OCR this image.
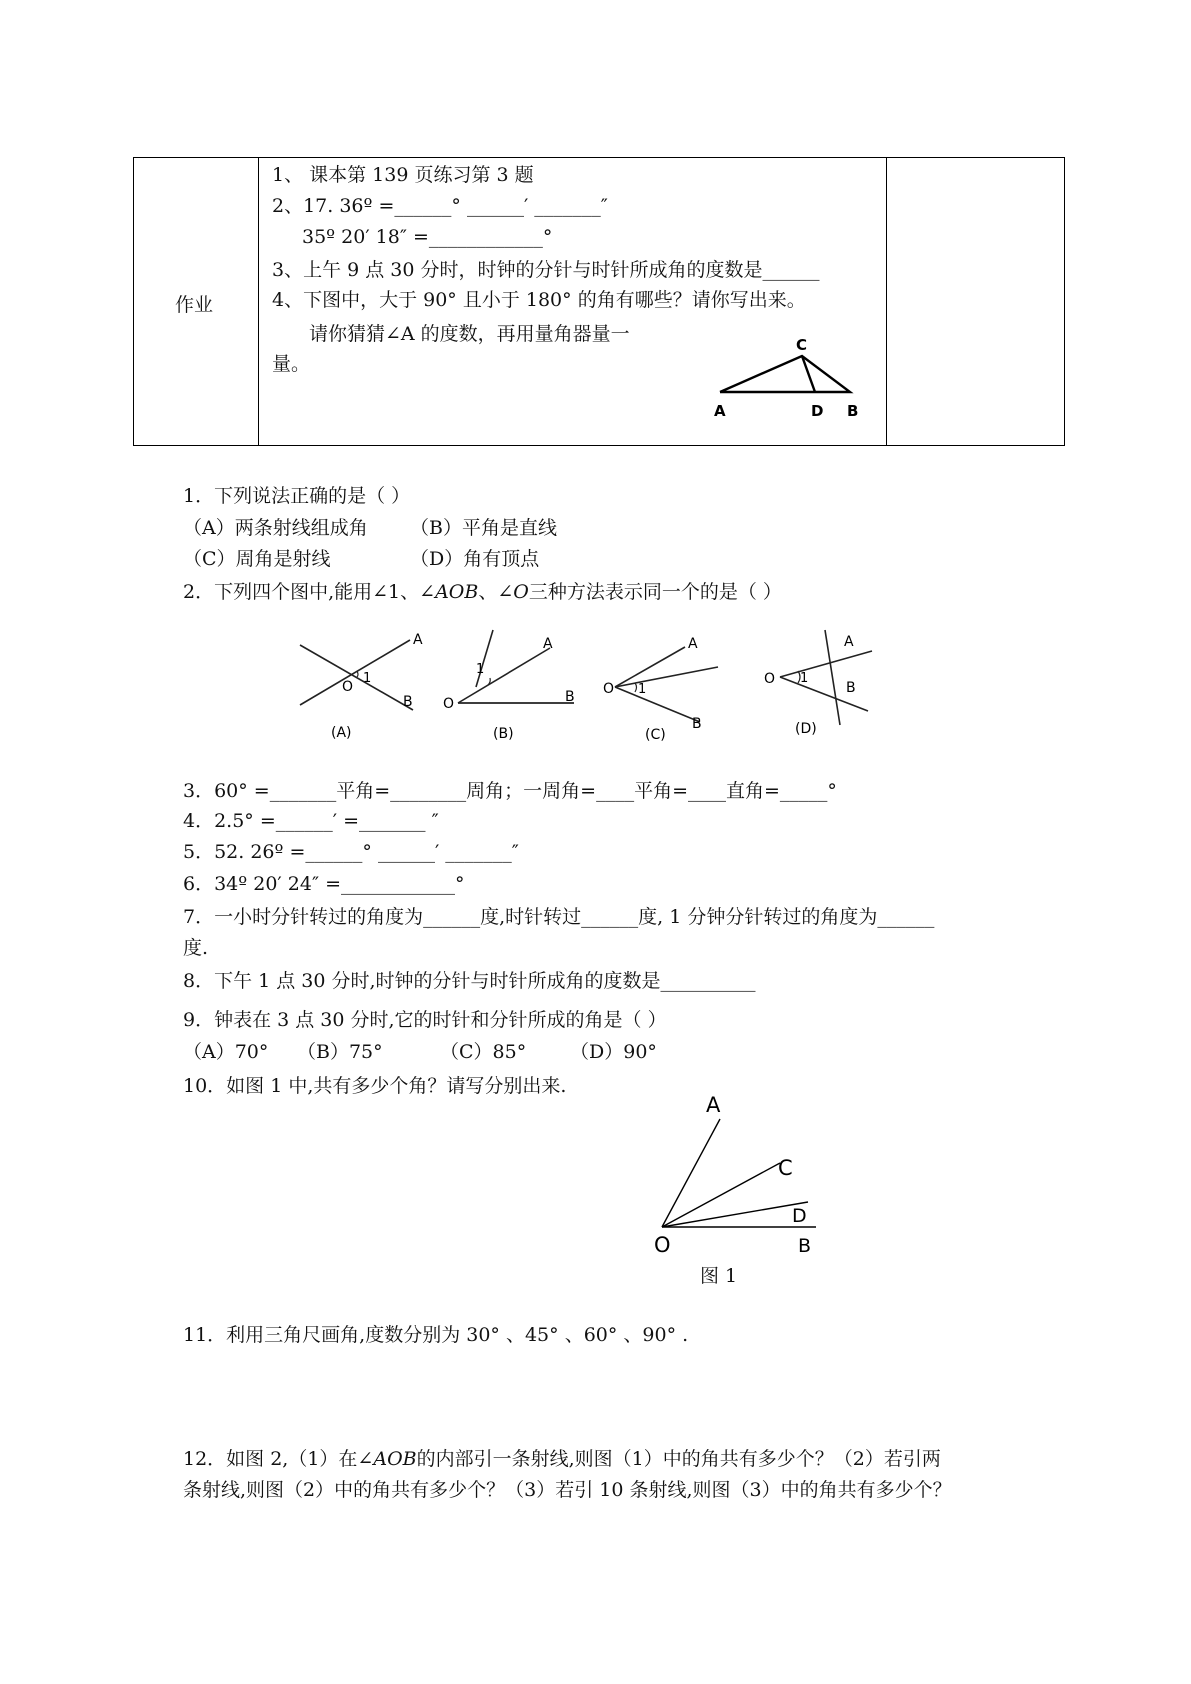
作业
1、 课本第 139 页练习第 3 题
2、17. 36º =______° ______′ _______″
35º 20′ 18″ =____________°
3、上午 9 点 30 分时，时钟的分针与时针所成角的度数是______
4、下图中，大于 90° 且小于 180° 的角有哪些？请你写出来。
请你猜猜∠A 的度数，再用量角器量一
量。
C
A	D B
1．下列说法正确的是（ ）
（A）两条射线组成角 （B）平角是直线
（C）周角是射线	（D）角有顶点
2．下列四个图中,能用∠1、∠AOB、∠O三种方法表示同一个的是（ ）
A
O
1
B
(A)
1
A
O	B
(B)
A
O 1
B
(C)
A
O 1
B
(D)
3．60° =_______平角=________周角；一周角=____平角=____直角=_____°
4．2.5° =______′ =_______ ″
5．52. 26º =______° ______′ _______″
6．34º 20′ 24″ =____________°
7．一小时分针转过的角度为______度,时针转过______度, 1 分钟分针转过的角度为______
度.
8．下午 1 点 30 分时,时钟的分针与时针所成角的度数是__________
9．钟表在 3 点 30 分时,它的时针和分针所成的角是（ ）
（A）70° （B）75°	（C）85° （D）90°
10．如图 1 中,共有多少个角？请写分别出来.
A
C
D
O	B
图 1
11．利用三角尺画角,度数分别为 30° 、45° 、60° 、90° .
12．如图 2,（1）在∠AOB的内部引一条射线,则图（1）中的角共有多少个？（2）若引两
条射线,则图（2）中的角共有多少个？（3）若引 10 条射线,则图（3）中的角共有多少个？
